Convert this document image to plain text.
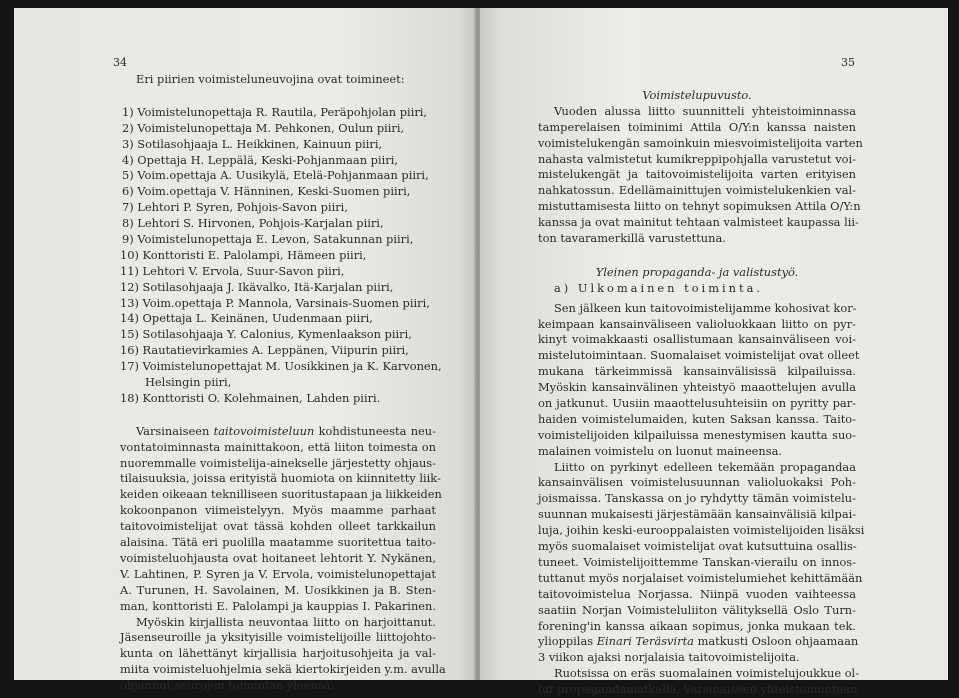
34
Eri piirien voimisteluneuvojina ovat toimineet:
1) Voimistelunopettaja R. Rautila, Peräpohjolan piiri,
2) Voimistelunopettaja M. Pehkonen, Oulun piiri,
3) Sotilasohjaaja L. Heikkinen, Kainuun piiri,
4) Opettaja H. Leppälä, Keski-Pohjanmaan piiri,
5) Voim.opettaja A. Uusikylä, Etelä-Pohjanmaan piiri,
6) Voim.opettaja V. Hänninen, Keski-Suomen piiri,
7) Lehtori P. Syren, Pohjois-Savon piiri,
8) Lehtori S. Hirvonen, Pohjois-Karjalan piiri,
9) Voimistelunopettaja E. Levon, Satakunnan piiri,
10) Konttoristi E. Palolampi, Hämeen piiri,
11) Lehtori V. Ervola, Suur-Savon piiri,
12) Sotilasohjaaja J. Ikävalko, Itä-Karjalan piiri,
13) Voim.opettaja P. Mannola, Varsinais-Suomen piiri,
14) Opettaja L. Keinänen, Uudenmaan piiri,
15) Sotilasohjaaja Y. Calonius, Kymenlaakson piiri,
16) Rautatievirkamies A. Leppänen, Viipurin piiri,
17) Voimistelunopettajat M. Uosikkinen ja K. Karvonen,
Helsingin piiri,
18) Konttoristi O. Kolehmainen, Lahden piiri.
Varsinaiseen taitovoimisteluun kohdistuneesta neu-
vontatoiminnasta mainittakoon, että liiton toimesta on
nuoremmalle voimistelija-ainekselle järjestetty ohjaus-
tilaisuuksia, joissa erityistä huomiota on kiinnitetty liik-
keiden oikeaan teknilliseen suoritustapaan ja liikkeiden
kokoonpanon viimeistelyyn. Myös maamme parhaat
taitovoimistelijat ovat tässä kohden olleet tarkkailun
alaisina. Tätä eri puolilla maatamme suoritettua taito-
voimisteluohjausta ovat hoitaneet lehtorit Y. Nykänen,
V. Lahtinen, P. Syren ja V. Ervola, voimistelunopettajat
A. Turunen, H. Savolainen, M. Uosikkinen ja B. Sten-
man, konttoristi E. Palolampi ja kauppias I. Pakarinen.
Myöskin kirjallista neuvontaa liitto on harjoittanut.
Jäsenseuroille ja yksityisille voimistelijoille liittojohto-
kunta on lähettänyt kirjallisia harjoitusohjeita ja val-
miita voimisteluohjelmia sekä kiertokirjeiden y.m. avulla
ohjannut seurojen toimintaa yleensä.
35
Voimistelupuvusto.
Vuoden alussa liitto suunnitteli yhteistoiminnassa
tamperelaisen toiminimi Attila O/Y:n kanssa naisten
voimistelukengän samoinkuin miesvoimistelijoita varten
nahasta valmistetut kumikreppipohjalla varustetut voi-
mistelukengät ja taitovoimistelijoita varten erityisen
nahkatossun. Edellämainittujen voimistelukenkien val-
mistuttamisesta liitto on tehnyt sopimuksen Attila O/Y:n
kanssa ja ovat mainitut tehtaan valmisteet kaupassa lii-
ton tavaramerkillä varustettuna.
Yleinen propaganda- ja valistustyö.
a) Ulkomainen toiminta.
Sen jälkeen kun taitovoimistelijamme kohosivat kor-
keimpaan kansainväliseen valioluokkaan liitto on pyr-
kinyt voimakkaasti osallistumaan kansainväliseen voi-
mistelutoimintaan. Suomalaiset voimistelijat ovat olleet
mukana tärkeimmissä kansainvälisissä kilpailuissa.
Myöskin kansainvälinen yhteistyö maaottelujen avulla
on jatkunut. Uusiin maaottelusuhteisiin on pyritty par-
haiden voimistelumaiden, kuten Saksan kanssa. Taito-
voimistelijoiden kilpailuissa menestymisen kautta suo-
malainen voimistelu on luonut maineensa.
Liitto on pyrkinyt edelleen tekemään propagandaa
kansainvälisen voimistelusuunnan valioluokaksi Poh-
joismaissa. Tanskassa on jo ryhdytty tämän voimistelu-
suunnan mukaisesti järjestämään kansainvälisiä kilpai-
luja, joihin keski-eurooppalaisten voimistelijoiden lisäksi
myös suomalaiset voimistelijat ovat kutsuttuina osallis-
tuneet. Voimistelijoittemme Tanskan-vierailu on innos-
tuttanut myös norjalaiset voimistelumiehet kehittämään
taitovoimistelua Norjassa. Niinpä vuoden vaihteessa
saatiin Norjan Voimisteluliiton välityksellä Oslo Turn-
forening'in kanssa aikaan sopimus, jonka mukaan tek.
ylioppilas Einari Teräsvirta matkusti Osloon ohjaamaan
3 viikon ajaksi norjalaisia taitovoimistelijoita.
Ruotsissa on eräs suomalainen voimistelujoukkue ol-
lut propagandamatkalla. Varsinaiseen yhteistoimintaan
